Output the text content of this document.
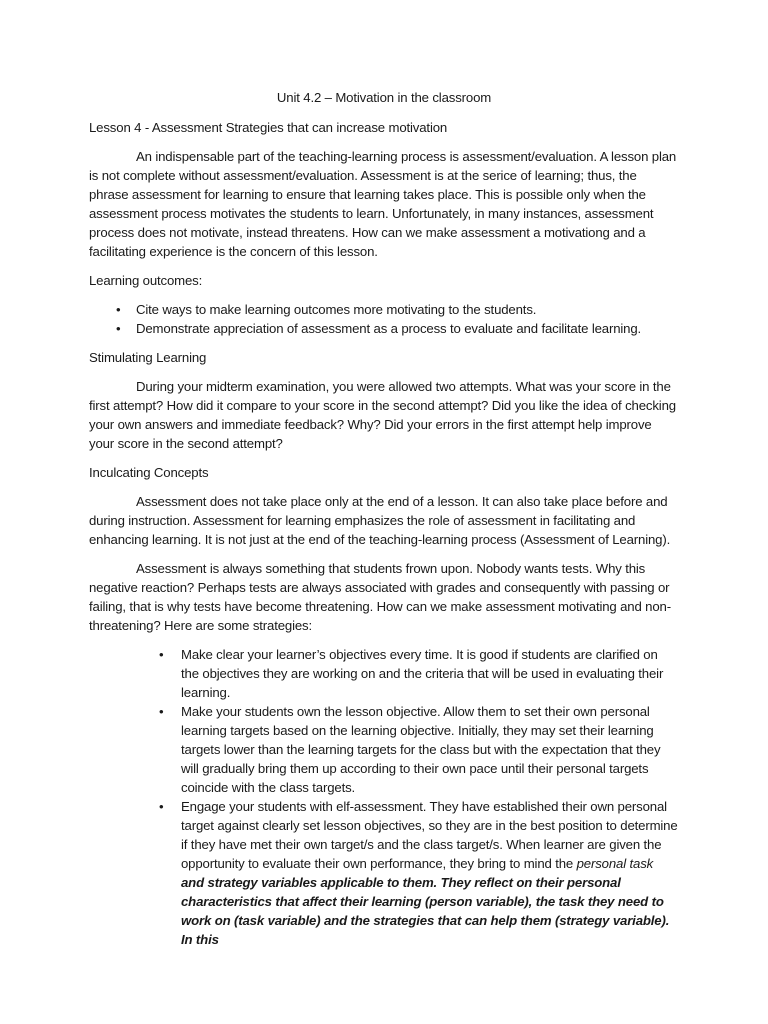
Unit 4.2 – Motivation in the classroom

Lesson 4 - Assessment Strategies that can increase motivation

An indispensable part of the teaching-learning process is assessment/evaluation. A lesson plan is not complete without assessment/evaluation. Assessment is at the serice of learning; thus, the phrase assessment for learning to ensure that learning takes place. This is possible only when the assessment process motivates the students to learn. Unfortunately, in many instances, assessment process does not motivate, instead threatens. How can we make assessment a motivationg and a facilitating experience is the concern of this lesson.

Learning outcomes:

• Cite ways to make learning outcomes more motivating to the students.
• Demonstrate appreciation of assessment as a process to evaluate and facilitate learning.

Stimulating Learning

During your midterm examination, you were allowed two attempts. What was your score in the first attempt? How did it compare to your score in the second attempt? Did you like the idea of checking your own answers and immediate feedback? Why? Did your errors in the first attempt help improve your score in the second attempt?

Inculcating Concepts

Assessment does not take place only at the end of a lesson. It can also take place before and during instruction. Assessment for learning emphasizes the role of assessment in facilitating and enhancing learning. It is not just at the end of the teaching-learning process (Assessment of Learning).

Assessment is always something that students frown upon. Nobody wants tests. Why this negative reaction? Perhaps tests are always associated with grades and consequently with passing or failing, that is why tests have become threatening. How can we make assessment motivating and non-threatening? Here are some strategies:

• Make clear your learner’s objectives every time. It is good if students are clarified on the objectives they are working on and the criteria that will be used in evaluating their learning.
• Make your students own the lesson objective. Allow them to set their own personal learning targets based on the learning objective. Initially, they may set their learning targets lower than the learning targets for the class but with the expectation that they will gradually bring them up according to their own pace until their personal targets coincide with the class targets.
• Engage your students with elf-assessment. They have established their own personal target against clearly set lesson objectives, so they are in the best position to determine if they have met their own target/s and the class target/s. When learner are given the opportunity to evaluate their own performance, they bring to mind the personal task and strategy variables applicable to them. They reflect on their personal characteristics that affect their learning (person variable), the task they need to work on (task variable) and the strategies that can help them (strategy variable). In this
